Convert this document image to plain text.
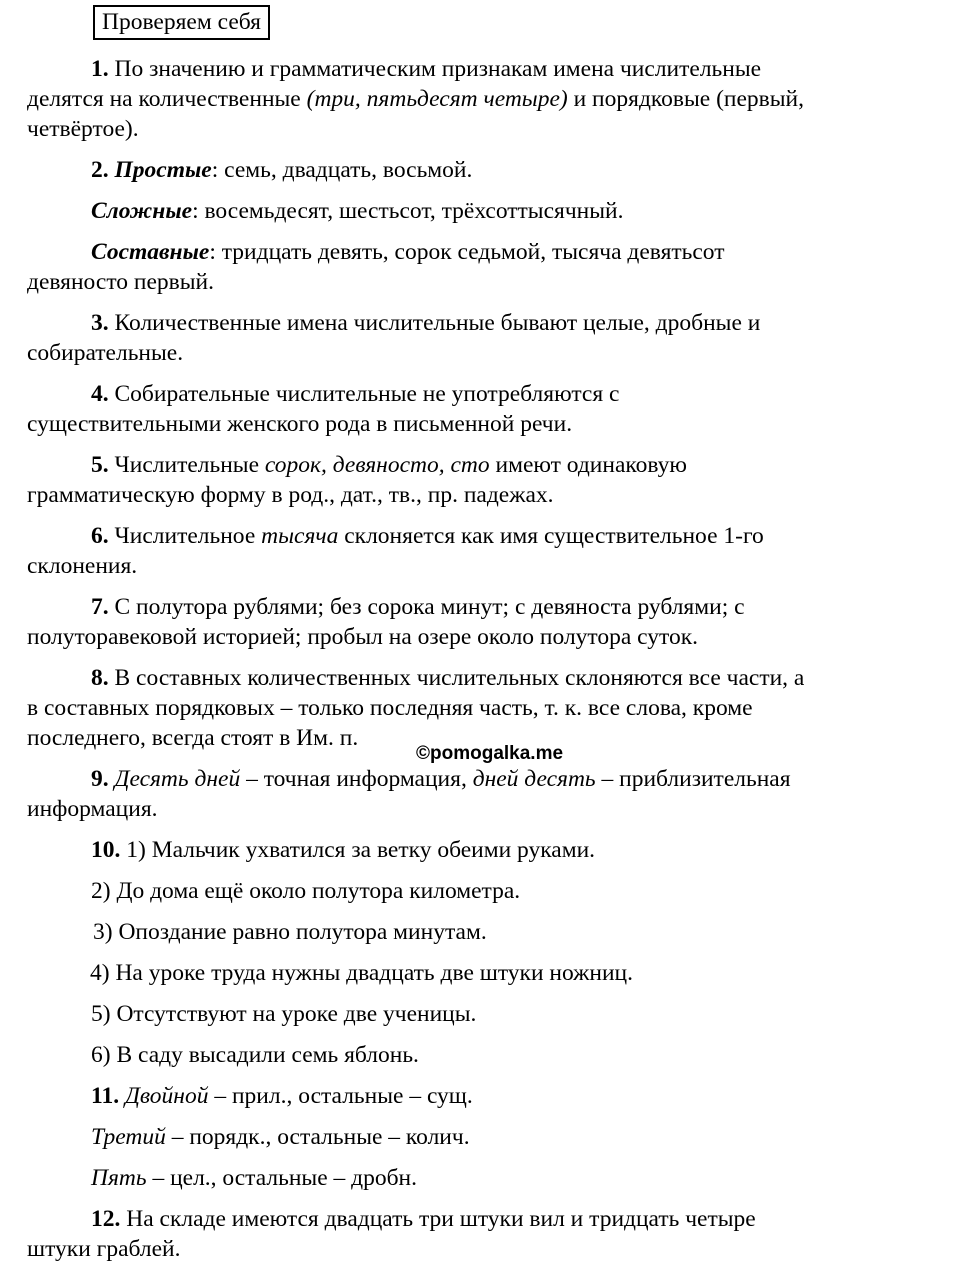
Проверяем себя
1. По значению и грамматическим признакам имена числительные
делятся на количественные (три, пятьдесят четыре) и порядковые (первый,
четвёртое).
2. Простые: семь, двадцать, восьмой.
Сложные: восемьдесят, шестьсот, трёхсоттысячный.
Составные: тридцать девять, сорок седьмой, тысяча девятьсот
девяносто первый.
3. Количественные имена числительные бывают целые, дробные и
собирательные.
4. Собирательные числительные не употребляются с
существительными женского рода в письменной речи.
5. Числительные сорок, девяносто, сто имеют одинаковую
грамматическую форму в род., дат., тв., пр. падежах.
6. Числительное тысяча склоняется как имя существительное 1-го
склонения.
7. С полутора рублями; без сорока минут; с девяноста рублями; с
полуторавековой историей; пробыл на озере около полутора суток.
8. В составных количественных числительных склоняются все части, а
в составных порядковых – только последняя часть, т. к. все слова, кроме
последнего, всегда стоят в Им. п.
©pomogalka.me
9. Десять дней – точная информация, дней десять – приблизительная
информация.
10. 1) Мальчик ухватился за ветку обеими руками.
2) До дома ещё около полутора километра.
3) Опоздание равно полутора минутам.
4) На уроке труда нужны двадцать две штуки ножниц.
5) Отсутствуют на уроке две ученицы.
6) В саду высадили семь яблонь.
11. Двойной – прил., остальные – сущ.
Третий – порядк., остальные – колич.
Пять – цел., остальные – дробн.
12. На складе имеются двадцать три штуки вил и тридцать четыре
штуки граблей.
